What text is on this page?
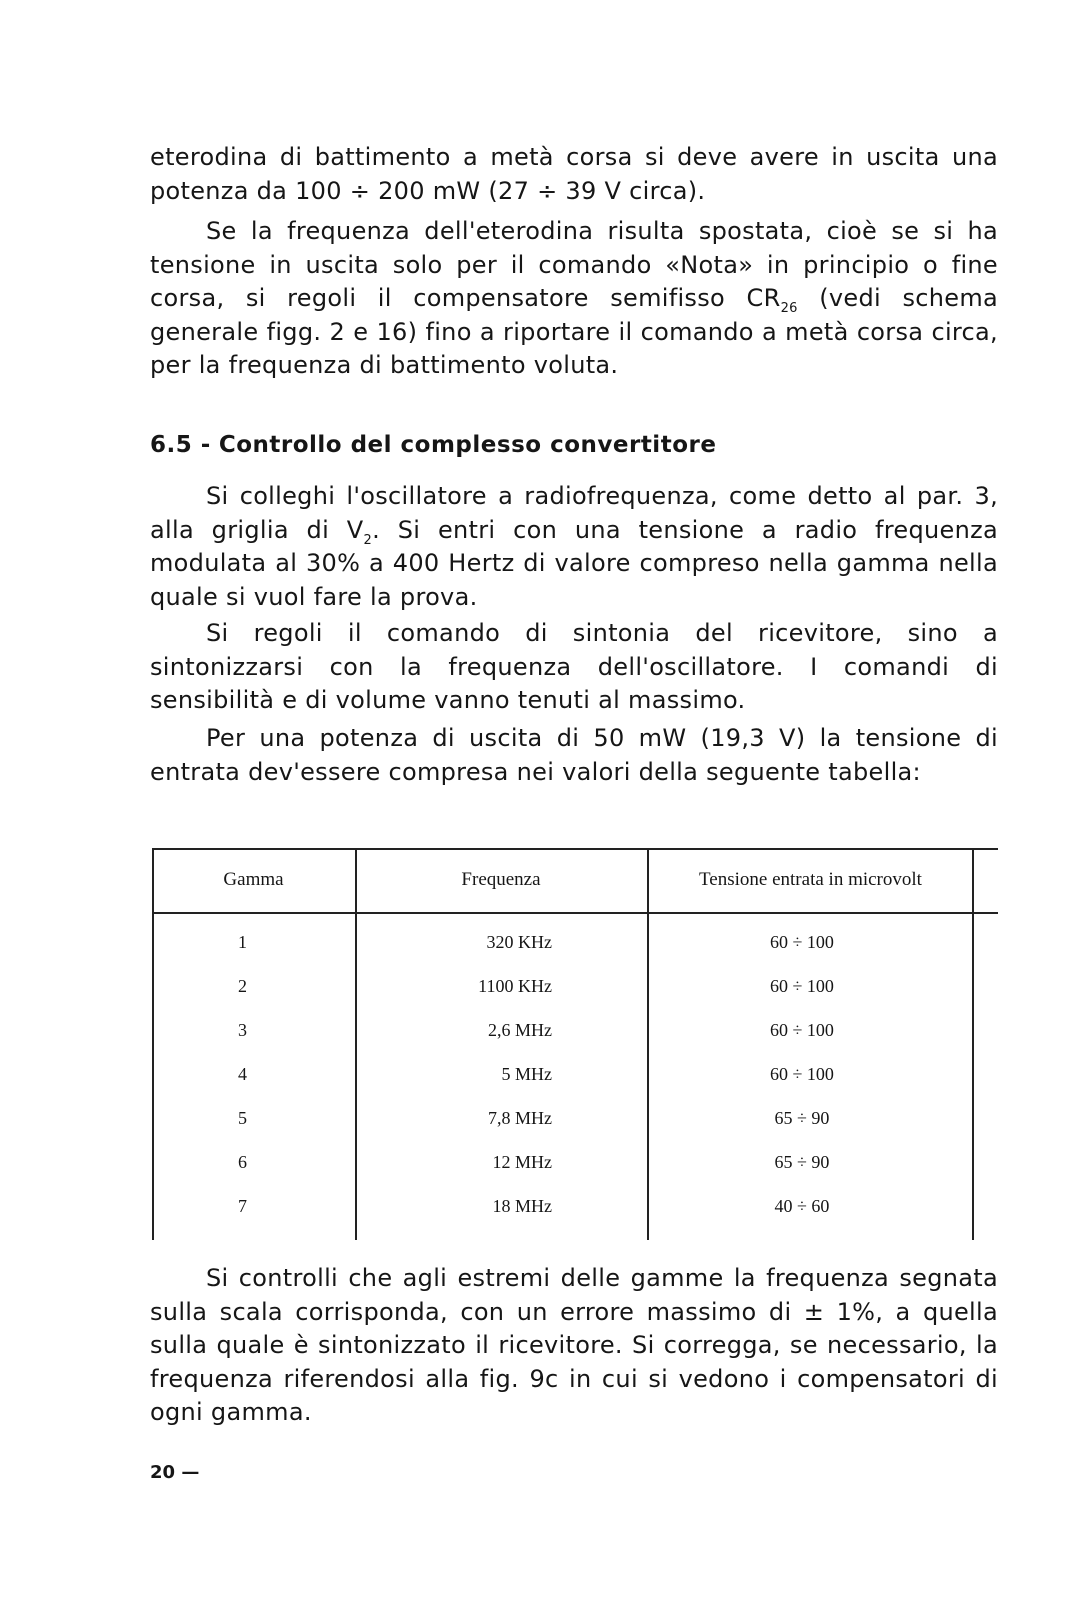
eterodina di battimento a metà corsa si deve avere in uscita una potenza da 100 ÷ 200 mW (27 ÷ 39 V circa).
Se la frequenza dell'eterodina risulta spostata, cioè se si ha tensione in uscita solo per il comando «Nota» in principio o fine corsa, si regoli il compensatore semifisso $CR_{26}$ (vedi schema generale figg. 2 e 16) fino a riportare il comando a metà corsa circa, per la frequenza di battimento voluta.
6.5 - Controllo del complesso convertitore
Si colleghi l'oscillatore a radiofrequenza, come detto al par. 3, alla griglia di $V_2$. Si entri con una tensione a radio frequenza modulata al 30% a 400 Hertz di valore compreso nella gamma nella quale si vuol fare la prova.
Si regoli il comando di sintonia del ricevitore, sino a sintonizzarsi con la frequenza dell'oscillatore. I comandi di sensibilità e di volume vanno tenuti al massimo.
Per una potenza di uscita di 50 mW (19,3 V) la tensione di entrata dev'essere compresa nei valori della seguente tabella:
Gamma	Frequenza	Tensione entrata in microvolt
1	320 KHz	60 ÷ 100
2	1100 KHz	60 ÷ 100
3	2,6 MHz	60 ÷ 100
4	5 MHz	60 ÷ 100
5	7,8 MHz	65 ÷ 90
6	12 MHz	65 ÷ 90
7	18 MHz	40 ÷ 60
Si controlli che agli estremi delle gamme la frequenza segnata sulla scala corrisponda, con un errore massimo di ± 1%, a quella sulla quale è sintonizzato il ricevitore. Si corregga, se necessario, la frequenza riferendosi alla fig. 9c in cui si vedono i compensatori di ogni gamma.
20 —
